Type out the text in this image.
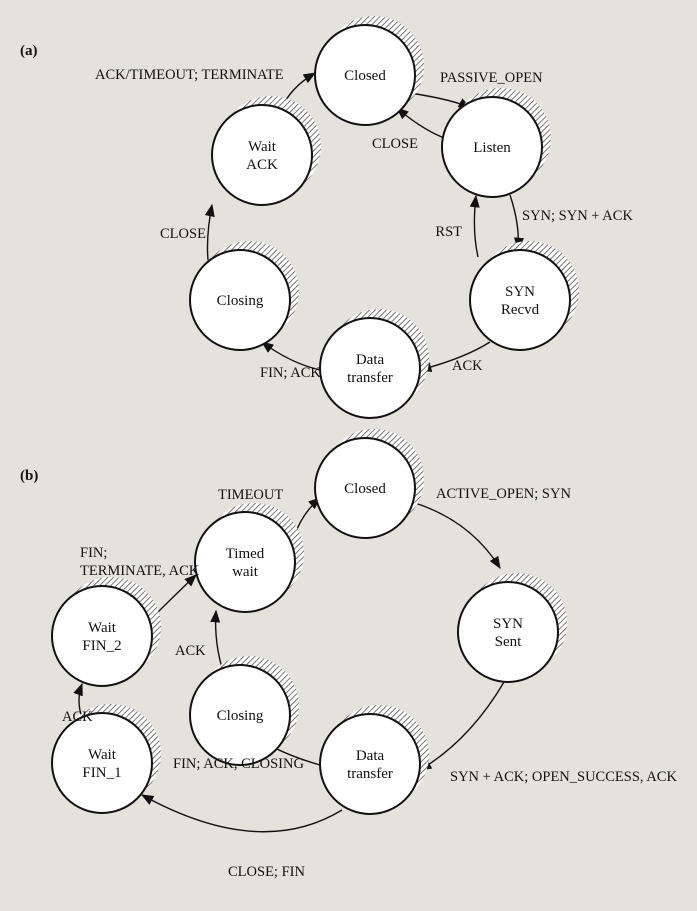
Closed
Listen
SYN
Recvd
Data
transfer
Closing
Wait
ACK
Closed
SYN
Sent
Data
transfer
Closing
Timed
wait
Wait
FIN_1
Wait
FIN_2
(a)
PASSIVE_OPEN
CLOSE
SYN; SYN + ACK
RST
ACK
FIN; ACK
CLOSE
ACK/TIMEOUT; TERMINATE
(b)
ACTIVE_OPEN; SYN
SYN + ACK; OPEN_SUCCESS, ACK
FIN; ACK, CLOSING
CLOSE; FIN
ACK
ACK
FIN;
TERMINATE, ACK
TIMEOUT
